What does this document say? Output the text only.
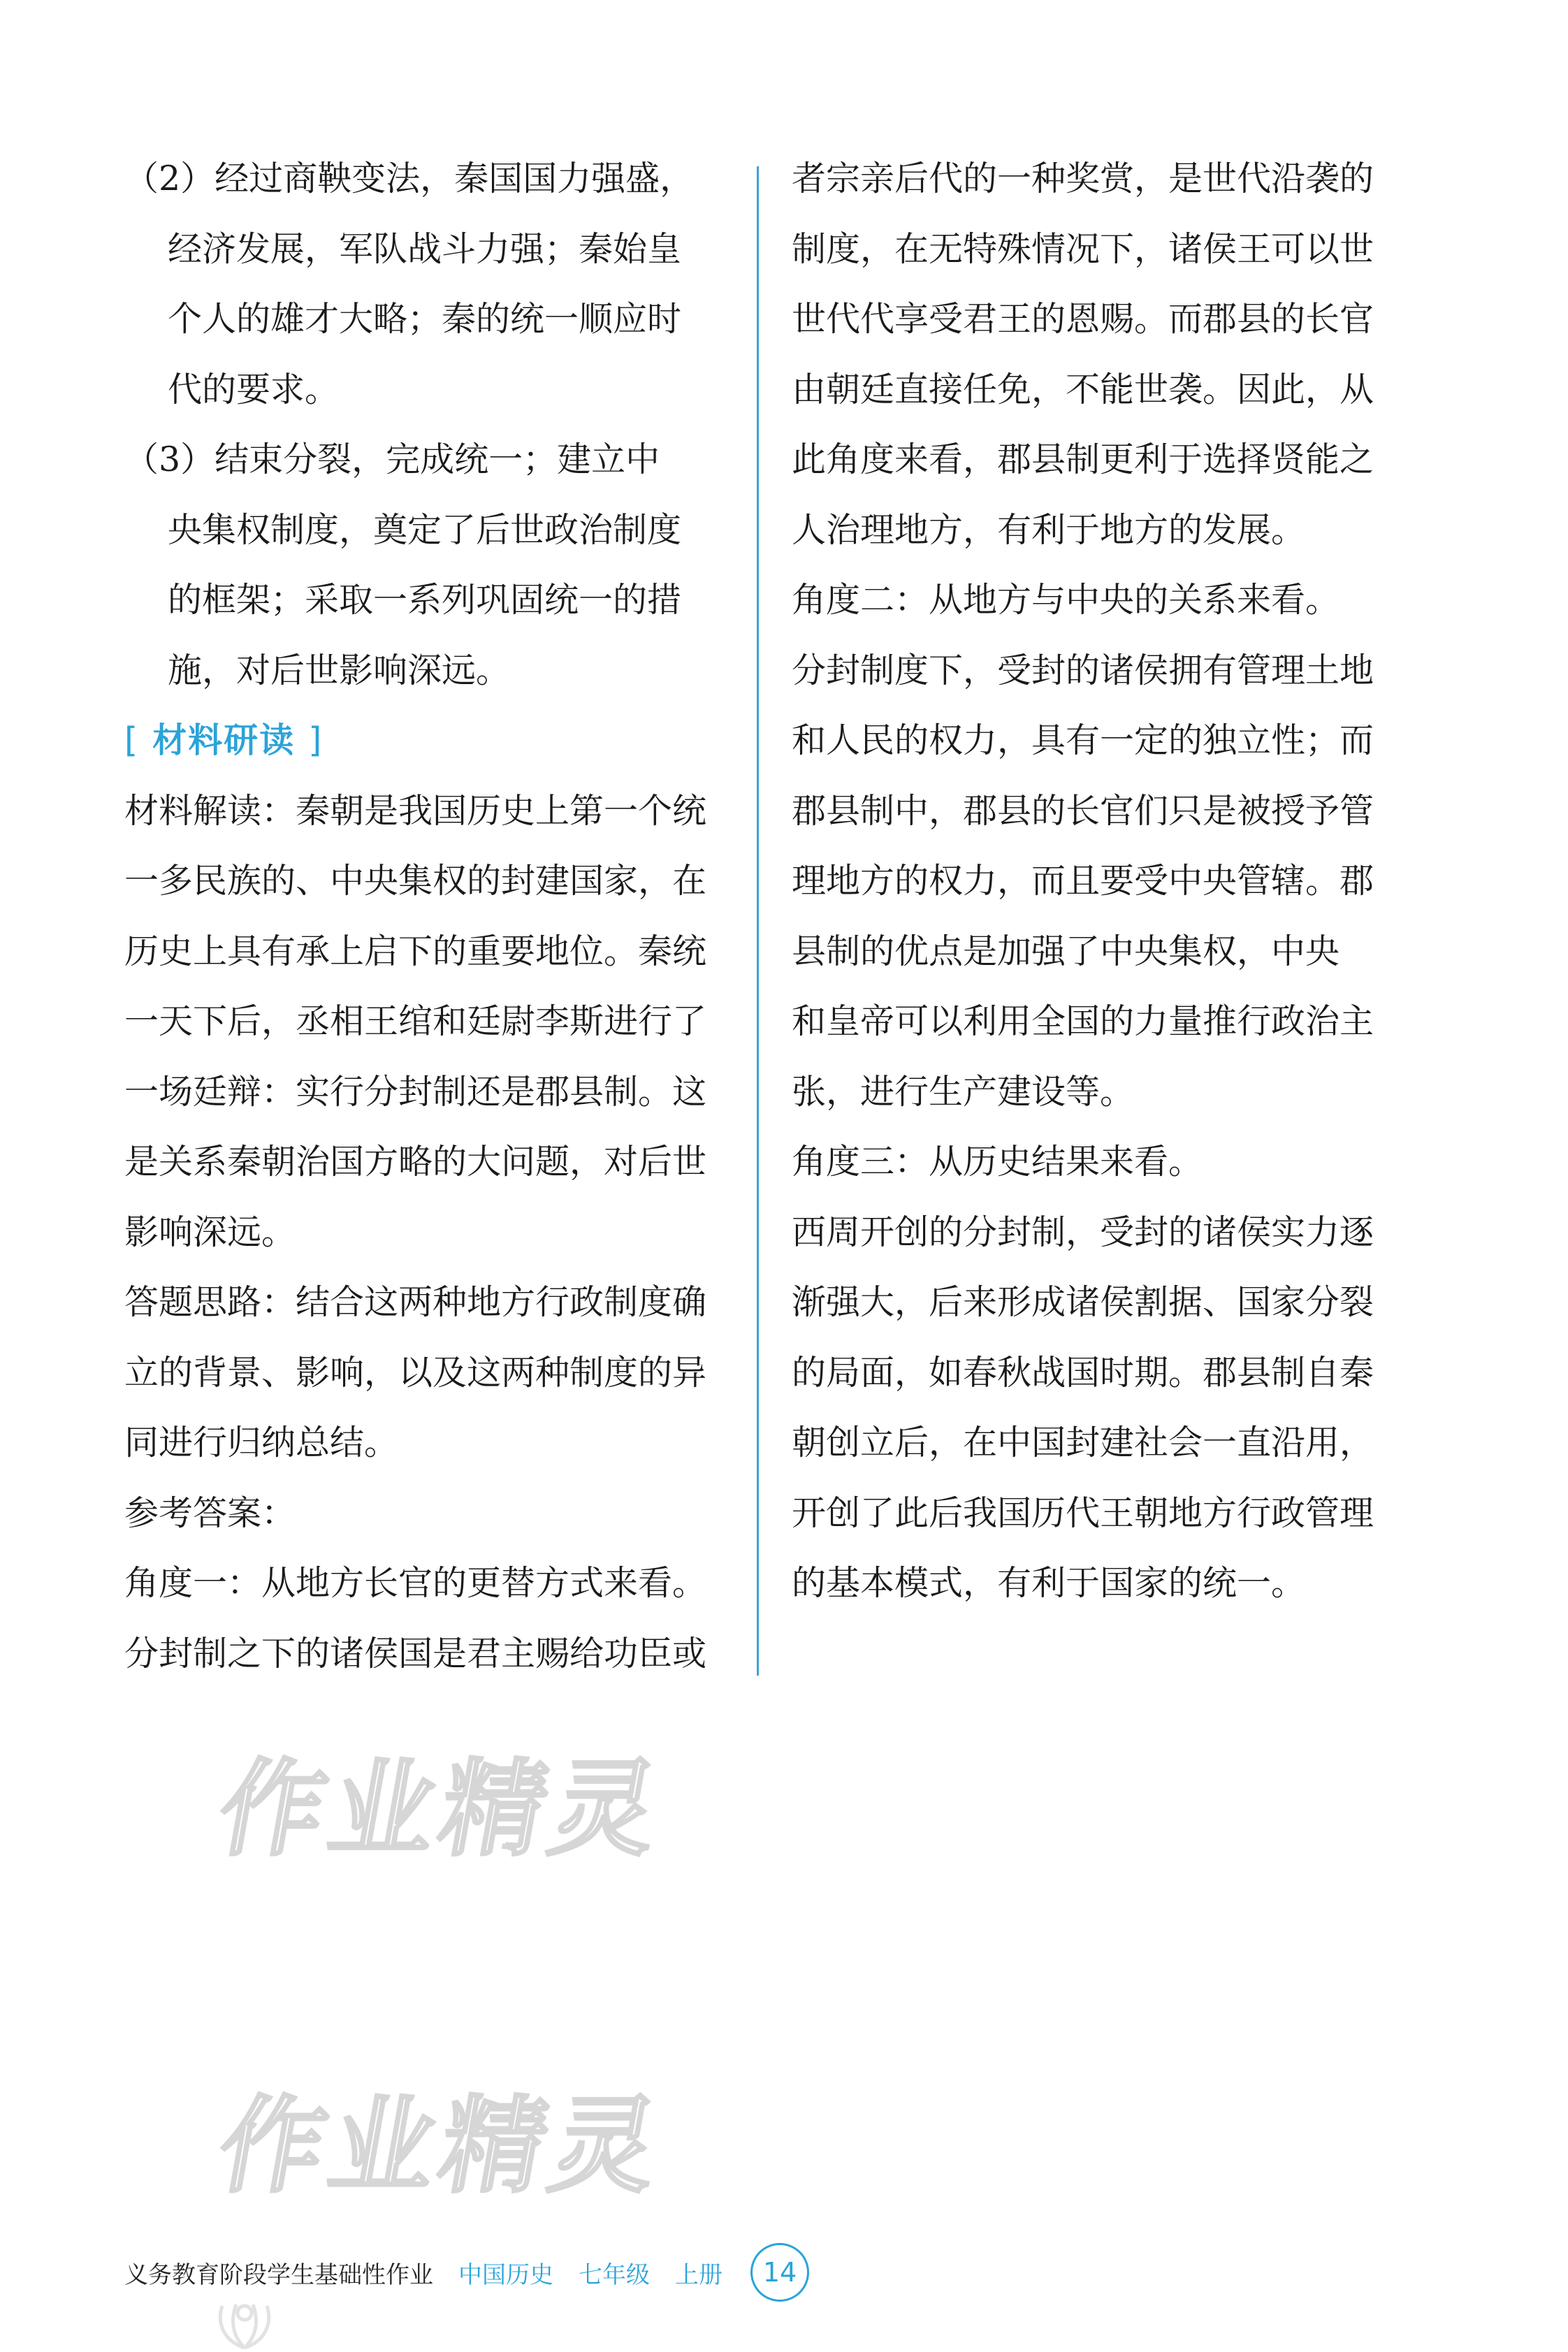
（2）经过商鞅变法，秦国国力强盛，

经济发展，军队战斗力强；秦始皇

个人的雄才大略；秦的统一顺应时

代的要求。

（3）结束分裂，完成统一；建立中

央集权制度，奠定了后世政治制度

的框架；采取一系列巩固统一的措

施，对后世影响深远。

[ 材料研读 ]

材料解读：秦朝是我国历史上第一个统

一多民族的、中央集权的封建国家，在

历史上具有承上启下的重要地位。秦统

一天下后，丞相王绾和廷尉李斯进行了

一场廷辩：实行分封制还是郡县制。这

是关系秦朝治国方略的大问题，对后世

影响深远。

答题思路：结合这两种地方行政制度确

立的背景、影响，以及这两种制度的异

同进行归纳总结。

参考答案：

角度一：从地方长官的更替方式来看。

分封制之下的诸侯国是君主赐给功臣或

者宗亲后代的一种奖赏，是世代沿袭的

制度，在无特殊情况下，诸侯王可以世

世代代享受君王的恩赐。而郡县的长官

由朝廷直接任免，不能世袭。因此，从

此角度来看，郡县制更利于选择贤能之

人治理地方，有利于地方的发展。

角度二：从地方与中央的关系来看。

分封制度下，受封的诸侯拥有管理土地

和人民的权力，具有一定的独立性；而

郡县制中，郡县的长官们只是被授予管

理地方的权力，而且要受中央管辖。郡

县制的优点是加强了中央集权，中央

和皇帝可以利用全国的力量推行政治主

张，进行生产建设等。

角度三：从历史结果来看。

西周开创的分封制，受封的诸侯实力逐

渐强大，后来形成诸侯割据、国家分裂

的局面，如春秋战国时期。郡县制自秦

朝创立后，在中国封建社会一直沿用，

开创了此后我国历代王朝地方行政管理

的基本模式，有利于国家的统一。

作业精灵
作业精灵
义务教育阶段学生基础性作业 中国历史 七年级 上册	14
